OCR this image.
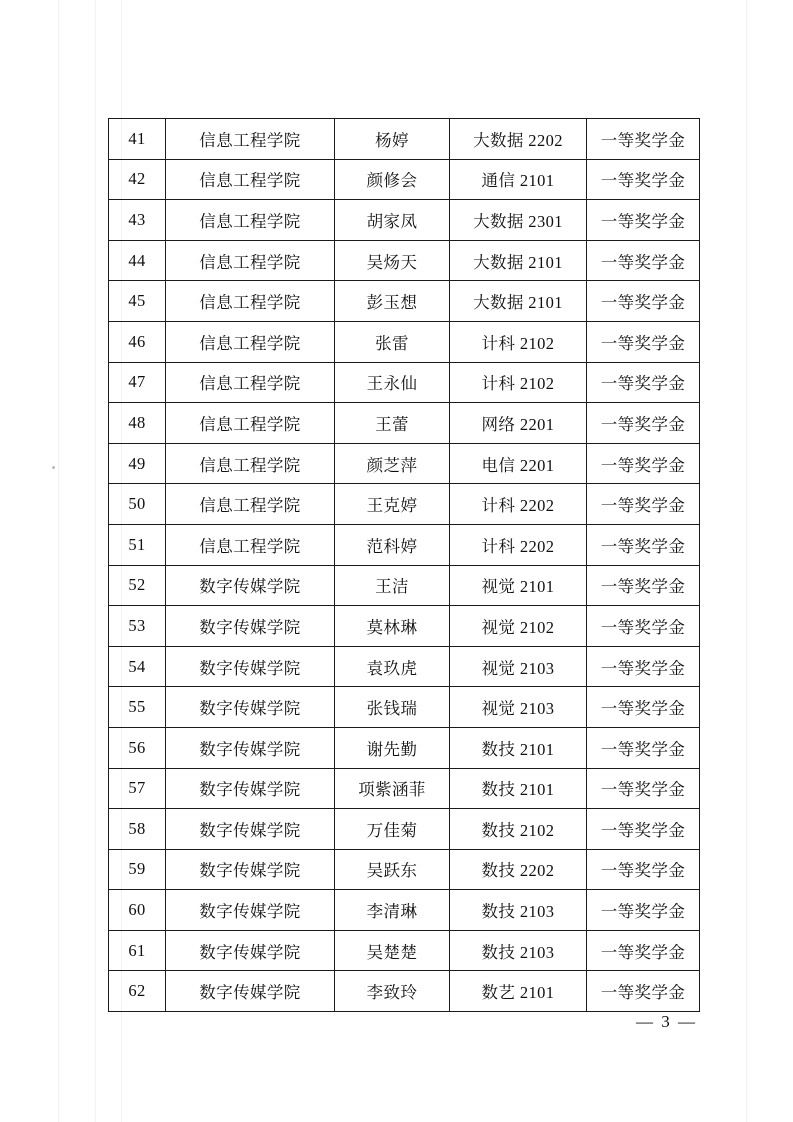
41	信息工程学院	杨婷	大数据 2202	一等奖学金
42	信息工程学院	颜修会	通信 2101	一等奖学金
43	信息工程学院	胡家凤	大数据 2301	一等奖学金
44	信息工程学院	吴炀天	大数据 2101	一等奖学金
45	信息工程学院	彭玉想	大数据 2101	一等奖学金
46	信息工程学院	张雷	计科 2102	一等奖学金
47	信息工程学院	王永仙	计科 2102	一等奖学金
48	信息工程学院	王蕾	网络 2201	一等奖学金
49	信息工程学院	颜芝萍	电信 2201	一等奖学金
50	信息工程学院	王克婷	计科 2202	一等奖学金
51	信息工程学院	范科婷	计科 2202	一等奖学金
52	数字传媒学院	王洁	视觉 2101	一等奖学金
53	数字传媒学院	莫林琳	视觉 2102	一等奖学金
54	数字传媒学院	袁玖虎	视觉 2103	一等奖学金
55	数字传媒学院	张钱瑞	视觉 2103	一等奖学金
56	数字传媒学院	谢先勤	数技 2101	一等奖学金
57	数字传媒学院	项紫涵菲	数技 2101	一等奖学金
58	数字传媒学院	万佳菊	数技 2102	一等奖学金
59	数字传媒学院	吴跃东	数技 2202	一等奖学金
60	数字传媒学院	李清琳	数技 2103	一等奖学金
61	数字传媒学院	吴楚楚	数技 2103	一等奖学金
62	数字传媒学院	李致玲	数艺 2101	一等奖学金
— 3 —
